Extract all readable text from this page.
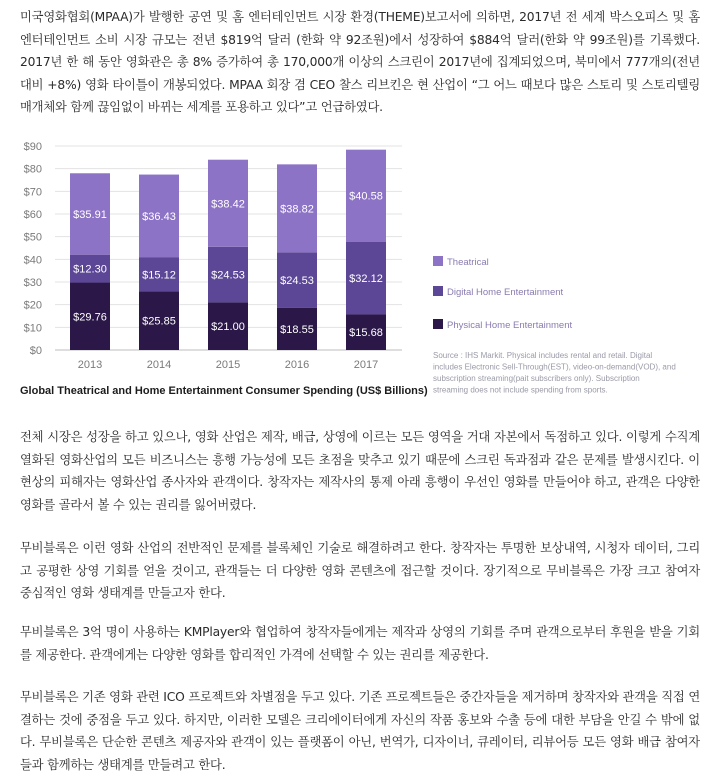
미국영화협회(MPAA)가 발행한 공연 및 홈 엔터테인먼트 시장 환경(THEME)보고서에 의하면, 2017년 전 세계 박스오피스 및 홈 엔터테인먼트 소비 시장 규모는 전년 $819억 달러 (한화 약 92조원)에서 성장하여 $884억 달러(한화 약 99조원)를 기록했다. 2017년 한 해 동안 영화관은 총 8% 증가하여 총 170,000개 이상의 스크린이 2017년에 집계되었으며, 북미에서 777개의(전년 대비 +8%) 영화 타이틀이 개봉되었다. MPAA 회장 겸 CEO 찰스 리브킨은 현 산업이 “그 어느 때보다 많은 스토리 및 스토리텔링 매개체와 함께 끊임없이 바뀌는 세계를 포용하고 있다”고 언급하였다.

$0
$10
$20
$30
$40
$50
$60
$70
$80
$90
$29.76
$12.30
$35.91
$25.85
$15.12
$36.43
$21.00
$24.53
$38.42
$18.55
$24.53
$38.82
$15.68
$32.12
$40.58
2013	2014	2015	2016	2017
Theatrical
Digital Home Entertainment
Physical Home Entertainment
Global Theatrical and Home Entertainment Consumer Spending (US$ Billions)
Source : IHS Markit. Physical includes rental and retail. Digital
includes Electronic Sell-Through(EST), video-on-demand(VOD), and
subscription streaming(pait subscribers only). Subscription
streaming does not include spending from sports.

전체 시장은 성장을 하고 있으나, 영화 산업은 제작, 배급, 상영에 이르는 모든 영역을 거대 자본에서 독점하고 있다. 이렇게 수직계열화된 영화산업의 모든 비즈니스는 흥행 가능성에 모든 초점을 맞추고 있기 때문에 스크린 독과점과 같은 문제를 발생시킨다. 이 현상의 피해자는 영화산업 종사자와 관객이다. 창작자는 제작사의 통제 아래 흥행이 우선인 영화를 만들어야 하고, 관객은 다양한 영화를 골라서 볼 수 있는 권리를 잃어버렸다.

무비블록은 이런 영화 산업의 전반적인 문제를 블록체인 기술로 해결하려고 한다. 창작자는 투명한 보상내역, 시청자 데이터, 그리고 공평한 상영 기회를 얻을 것이고, 관객들는 더 다양한 영화 콘텐츠에 접근할 것이다. 장기적으로 무비블록은 가장 크고 참여자 중심적인 영화 생태계를 만들고자 한다.

무비블록은 3억 명이 사용하는 KMPlayer와 협업하여 창작자들에게는 제작과 상영의 기회를 주며 관객으로부터 후원을 받을 기회를 제공한다. 관객에게는 다양한 영화를 합리적인 가격에 선택할 수 있는 권리를 제공한다.

무비블록은 기존 영화 관련 ICO 프로젝트와 차별점을 두고 있다. 기존 프로젝트들은 중간자들을 제거하며 창작자와 관객을 직접 연결하는 것에 중점을 두고 있다. 하지만, 이러한 모델은 크리에이터에게 자신의 작품 홍보와 수출 등에 대한 부담을 안길 수 밖에 없다. 무비블록은 단순한 콘텐츠 제공자와 관객이 있는 플랫폼이 아닌, 번역가, 디자이너, 큐레이터, 리뷰어등 모든 영화 배급 참여자들과 함께하는 생태계를 만들려고 한다.
